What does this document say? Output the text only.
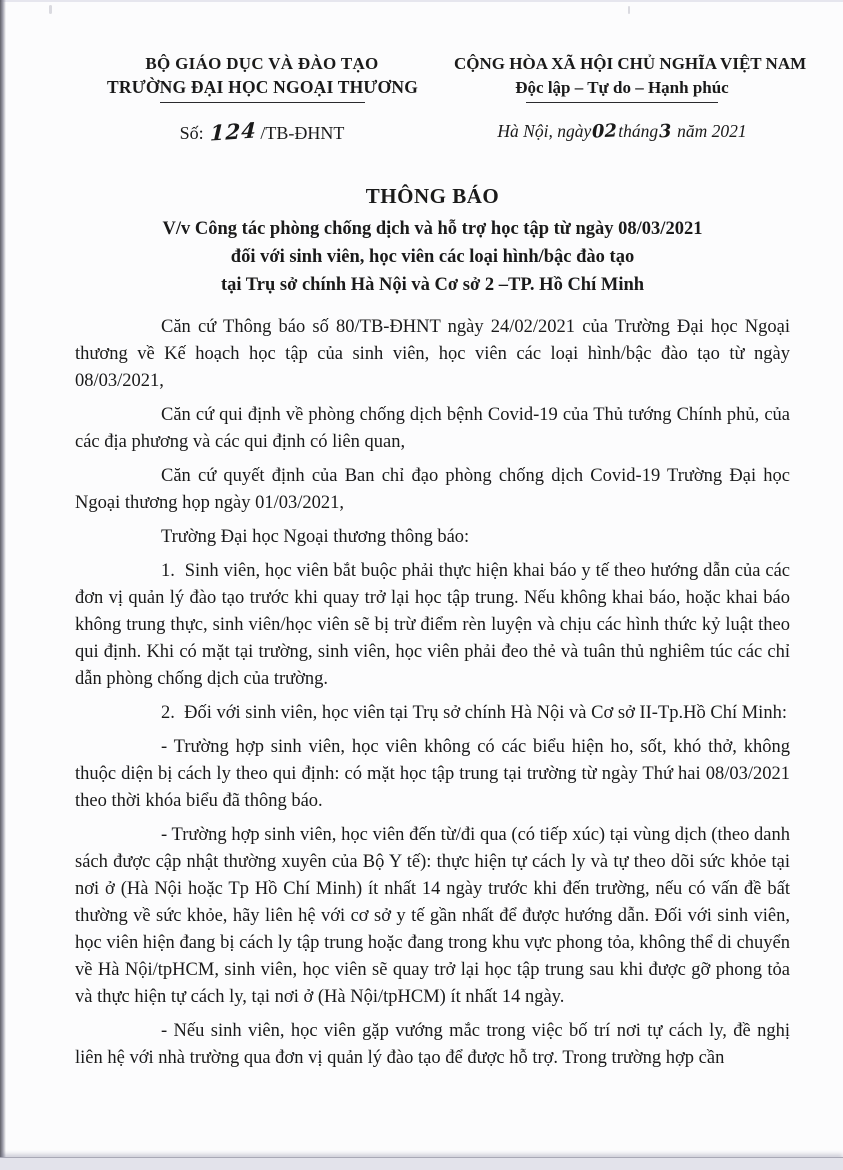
BỘ GIÁO DỤC VÀ ĐÀO TẠO
TRƯỜNG ĐẠI HỌC NGOẠI THƯƠNG
Số: 124 /TB-ĐHNT
CỘNG HÒA XÃ HỘI CHỦ NGHĨA VIỆT NAM
Độc lập – Tự do – Hạnh phúc
Hà Nội, ngày02tháng3 năm 2021
THÔNG BÁO
V/v Công tác phòng chống dịch và hỗ trợ học tập từ ngày 08/03/2021
đối với sinh viên, học viên các loại hình/bậc đào tạo
tại Trụ sở chính Hà Nội và Cơ sở 2 –TP. Hồ Chí Minh

Căn cứ Thông báo số 80/TB-ĐHNT ngày 24/02/2021 của Trường Đại học Ngoại thương về Kế hoạch học tập của sinh viên, học viên các loại hình/bậc đào tạo từ ngày 08/03/2021,

Căn cứ qui định về phòng chống dịch bệnh Covid-19 của Thủ tướng Chính phủ, của các địa phương và các qui định có liên quan,

Căn cứ quyết định của Ban chỉ đạo phòng chống dịch Covid-19 Trường Đại học Ngoại thương họp ngày 01/03/2021,

Trường Đại học Ngoại thương thông báo:

1.  Sinh viên, học viên bắt buộc phải thực hiện khai báo y tế theo hướng dẫn của các đơn vị quản lý đào tạo trước khi quay trở lại học tập trung. Nếu không khai báo, hoặc khai báo không trung thực, sinh viên/học viên sẽ bị trừ điểm rèn luyện và chịu các hình thức kỷ luật theo qui định. Khi có mặt tại trường, sinh viên, học viên phải đeo thẻ và tuân thủ nghiêm túc các chỉ dẫn phòng chống dịch của trường.

2.  Đối với sinh viên, học viên tại Trụ sở chính Hà Nội và Cơ sở II-Tp.Hồ Chí Minh:

- Trường hợp sinh viên, học viên không có các biểu hiện ho, sốt, khó thở, không thuộc diện bị cách ly theo qui định: có mặt học tập trung tại trường từ ngày Thứ hai 08/03/2021 theo thời khóa biểu đã thông báo.

- Trường hợp sinh viên, học viên đến từ/đi qua (có tiếp xúc) tại vùng dịch (theo danh sách được cập nhật thường xuyên của Bộ Y tế): thực hiện tự cách ly và tự theo dõi sức khỏe tại nơi ở (Hà Nội hoặc Tp Hồ Chí Minh) ít nhất 14 ngày trước khi đến trường, nếu có vấn đề bất thường về sức khỏe, hãy liên hệ với cơ sở y tế gần nhất để được hướng dẫn. Đối với sinh viên, học viên hiện đang bị cách ly tập trung hoặc đang trong khu vực phong tỏa, không thể di chuyển về Hà Nội/tpHCM, sinh viên, học viên sẽ quay trở lại học tập trung sau khi được gỡ phong tỏa và thực hiện tự cách ly, tại nơi ở (Hà Nội/tpHCM) ít nhất 14 ngày.

- Nếu sinh viên, học viên gặp vướng mắc trong việc bố trí nơi tự cách ly, đề nghị liên hệ với nhà trường qua đơn vị quản lý đào tạo để được hỗ trợ. Trong trường hợp cần
